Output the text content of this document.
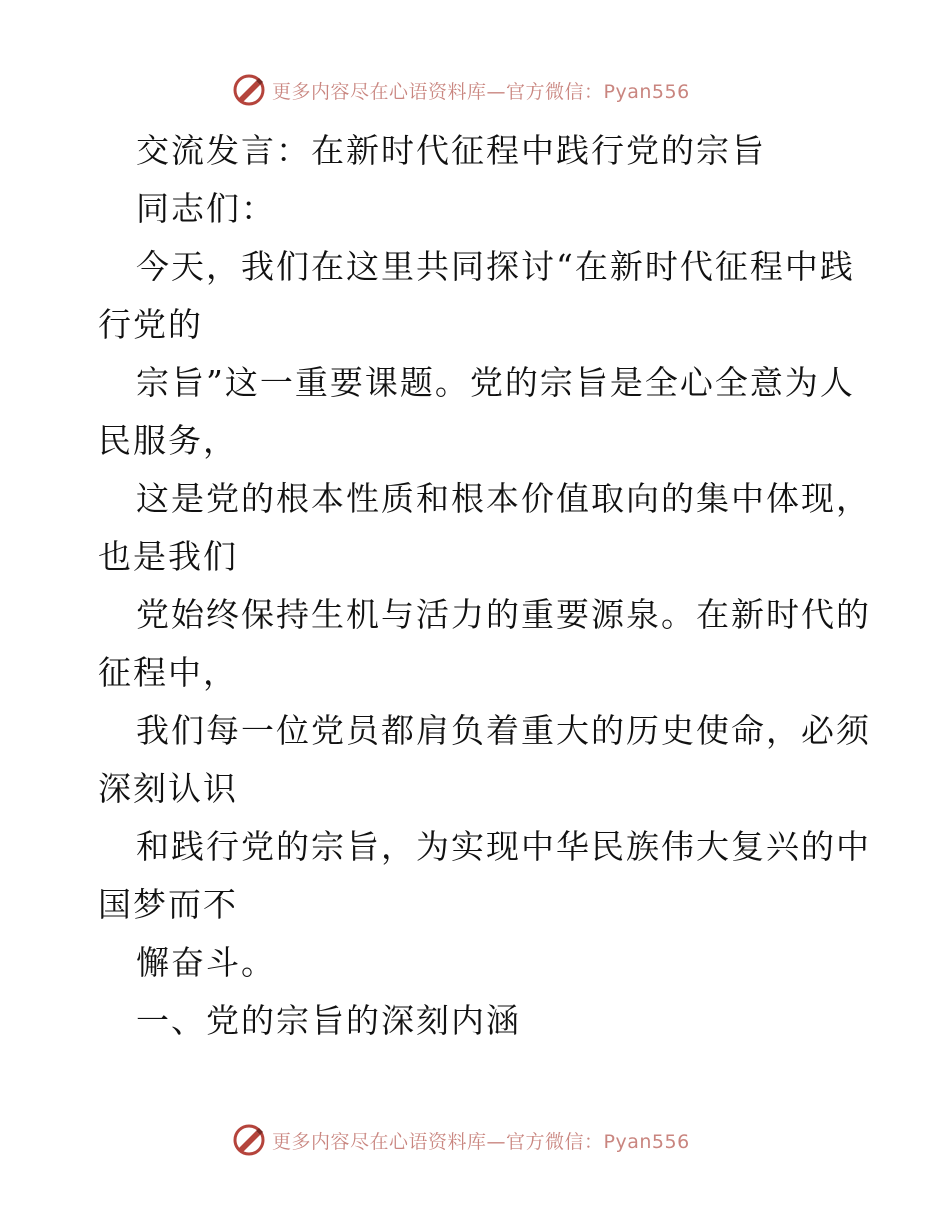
更多内容尽在心语资料库—官方微信：Pyan556
交流发言：在新时代征程中践行党的宗旨
同志们：
今天，我们在这里共同探讨“在新时代征程中践
行党的
宗旨”这一重要课题。党的宗旨是全心全意为人
民服务，
这是党的根本性质和根本价值取向的集中体现，
也是我们
党始终保持生机与活力的重要源泉。在新时代的
征程中，
我们每一位党员都肩负着重大的历史使命，必须
深刻认识
和践行党的宗旨，为实现中华民族伟大复兴的中
国梦而不
懈奋斗。
一、党的宗旨的深刻内涵
更多内容尽在心语资料库—官方微信：Pyan556
